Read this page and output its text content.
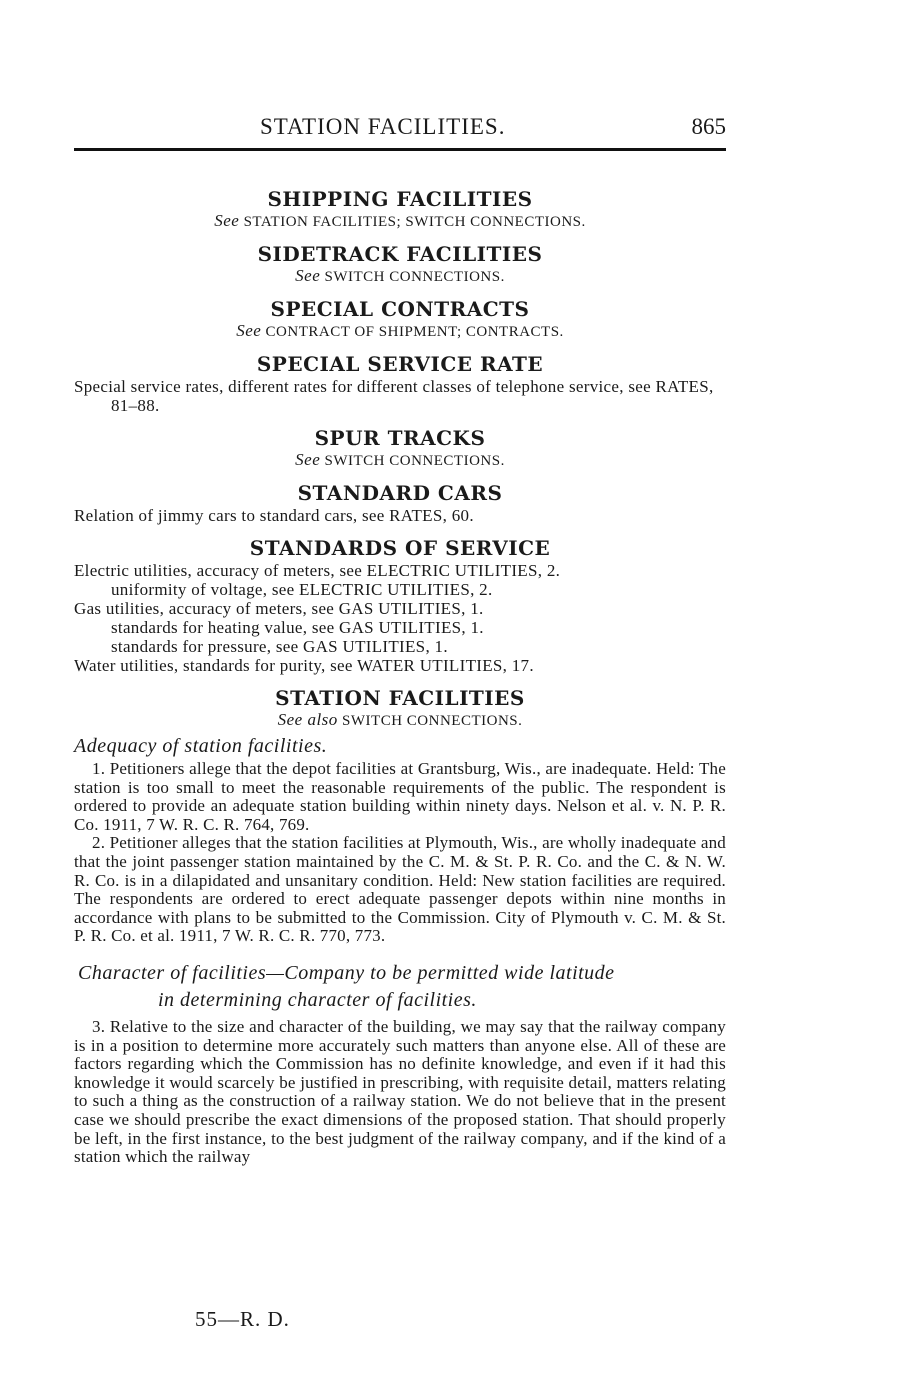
STATION FACILITIES.	865
SHIPPING FACILITIES

See STATION FACILITIES; SWITCH CONNECTIONS.

SIDETRACK FACILITIES

See SWITCH CONNECTIONS.

SPECIAL CONTRACTS

See CONTRACT OF SHIPMENT; CONTRACTS.

SPECIAL SERVICE RATE

Special service rates, different rates for different classes of telephone service, see RATES, 81–88.

SPUR TRACKS

See SWITCH CONNECTIONS.

STANDARD CARS

Relation of jimmy cars to standard cars, see RATES, 60.

STANDARDS OF SERVICE

Electric utilities, accuracy of meters, see ELECTRIC UTILITIES, 2.

uniformity of voltage, see ELECTRIC UTILITIES, 2.

Gas utilities, accuracy of meters, see GAS UTILITIES, 1.

standards for heating value, see GAS UTILITIES, 1.

standards for pressure, see GAS UTILITIES, 1.

Water utilities, standards for purity, see WATER UTILITIES, 17.

STATION FACILITIES

See also SWITCH CONNECTIONS.

Adequacy of station facilities.

1. Petitioners allege that the depot facilities at Grantsburg, Wis., are inadequate. Held: The station is too small to meet the reasonable requirements of the public. The respondent is ordered to provide an adequate station building within ninety days. Nelson et al. v. N. P. R. Co. 1911, 7 W. R. C. R. 764, 769.

2. Petitioner alleges that the station facilities at Plymouth, Wis., are wholly inadequate and that the joint passenger station maintained by the C. M. & St. P. R. Co. and the C. & N. W. R. Co. is in a dilapidated and unsanitary condition. Held: New station facilities are required. The respondents are ordered to erect adequate passenger depots within nine months in accordance with plans to be submitted to the Commission. City of Plymouth v. C. M. & St. P. R. Co. et al. 1911, 7 W. R. C. R. 770, 773.

Character of facilities—Company to be permitted wide latitude
in determining character of facilities.

3. Relative to the size and character of the building, we may say that the railway company is in a position to determine more accurately such matters than anyone else. All of these are factors regarding which the Commission has no definite knowledge, and even if it had this knowledge it would scarcely be justified in prescribing, with requisite detail, matters relating to such a thing as the construction of a railway station. We do not believe that in the present case we should prescribe the exact dimensions of the proposed station. That should properly be left, in the first instance, to the best judgment of the railway company, and if the kind of a station which the railway

55—R. D.
